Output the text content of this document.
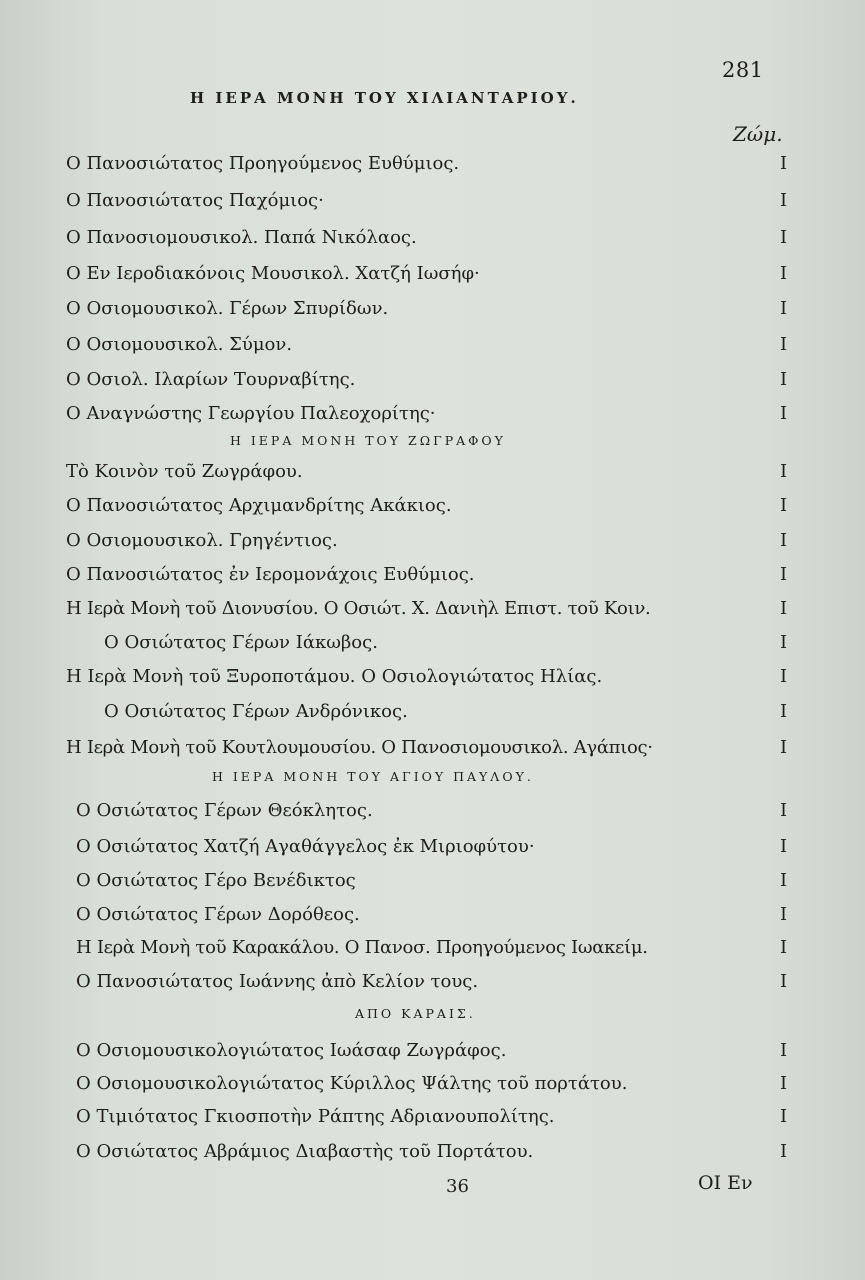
281
Η ΙΕΡΑ ΜΟΝΗ ΤΟΥ ΧΙΛΙΑΝΤΑΡΙΟΥ.
Ζώμ.
Ο Πανοσιώτατος Προηγούμενος Ευθύμιος.	I
Ο Πανοσιώτατος Παχόμιος·	I
Ο Πανοσιομουσικολ. Παπά Νικόλαος.	I
Ο Εν Ιεροδιακόνοις Μουσικολ. Χατζή Ιωσήφ·	I
Ο Οσιομουσικολ. Γέρων Σπυρίδων.	I
Ο Οσιομουσικολ. Σύμον.	I
Ο Οσιολ. Ιλαρίων Τουρναβίτης.	I
Ο Αναγνώστης Γεωργίου Παλεοχορίτης·	I
Η ΙΕΡΑ ΜΟΝΗ ΤΟΥ ΖΩΓΡΑΦΟΥ
Τὸ Κοινὸν τοῦ Ζωγράφου.	I
Ο Πανοσιώτατος Αρχιμανδρίτης Ακάκιος.	I
Ο Οσιομουσικολ. Γρηγέντιος.	I
Ο Πανοσιώτατος ἐν Ιερομονάχοις Ευθύμιος.	I
Η Ιερὰ Μονὴ τοῦ Διονυσίου. Ο Οσιώτ. Χ. Δανιὴλ Επιστ. τοῦ Κοιν.	I
Ο Οσιώτατος Γέρων Ιάκωβος.	I
Η Ιερὰ Μονὴ τοῦ Ξυροποτάμου. Ο Οσιολογιώτατος Ηλίας.	I
Ο Οσιώτατος Γέρων Ανδρόνικος.	I
Η Ιερὰ Μονὴ τοῦ Κουτλουμουσίου. Ο Πανοσιομουσικολ. Αγάπιος·	I
Η ΙΕΡΑ ΜΟΝΗ ΤΟΥ ΑΓΙΟΥ ΠΑΥΛΟΥ.
Ο Οσιώτατος Γέρων Θεόκλητος.	I
Ο Οσιώτατος Χατζή Αγαθάγγελος ἐκ Μιριοφύτου·	I
Ο Οσιώτατος Γέρο Βενέδικτος	I
Ο Οσιώτατος Γέρων Δορόθεος.	I
Η Ιερὰ Μονὴ τοῦ Καρακάλου. Ο Πανοσ. Προηγούμενος Ιωακείμ.	I
Ο Πανοσιώτατος Ιωάννης ἀπὸ Κελίον τους.	I
ΑΠΟ ΚΑΡΑΙΣ.
Ο Οσιομουσικολογιώτατος Ιωάσαφ Ζωγράφος.	I
Ο Οσιομουσικολογιώτατος Κύριλλος Ψάλτης τοῦ πορτάτου.	I
Ο Τιμιότατος Γκιοσποτὴν Ράπτης Αδριανουπολίτης.	I
Ο Οσιώτατος Αβράμιος Διαβαστὴς τοῦ Πορτάτου.	I
36	ΟΙ Εν
